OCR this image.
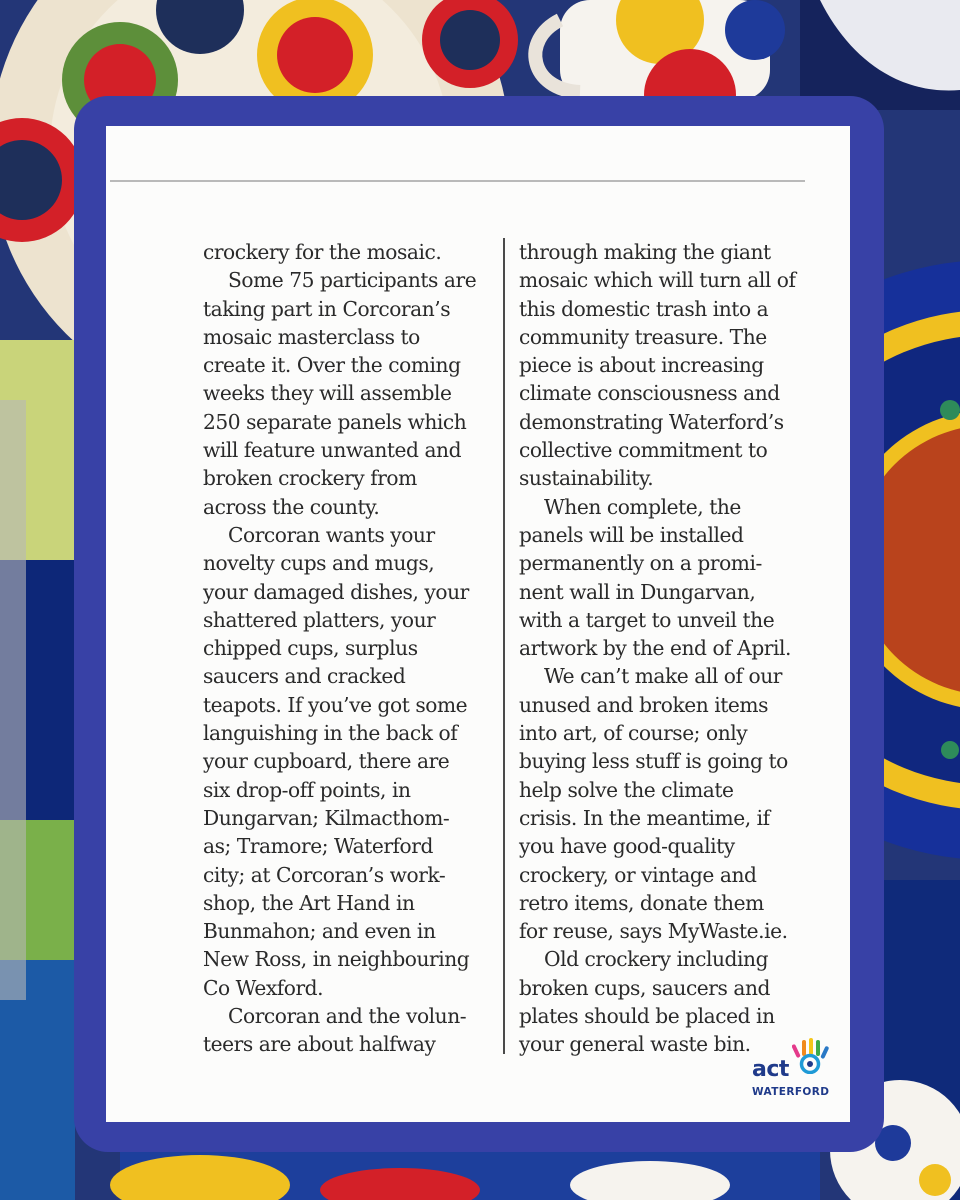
crockery for the mosaic.
Some 75 participants are
taking part in Corcoran’s
mosaic masterclass to
create it. Over the coming
weeks they will assemble
250 separate panels which
will feature unwanted and
broken crockery from
across the county.
Corcoran wants your
novelty cups and mugs,
your damaged dishes, your
shattered platters, your
chipped cups, surplus
saucers and cracked
teapots. If you’ve got some
languishing in the back of
your cupboard, there are
six drop-off points, in
Dungarvan; Kilmacthom-
as; Tramore; Waterford
city; at Corcoran’s work-
shop, the Art Hand in
Bunmahon; and even in
New Ross, in neighbouring
Co Wexford.
Corcoran and the volun-
teers are about halfway
through making the giant
mosaic which will turn all of
this domestic trash into a
community treasure. The
piece is about increasing
climate consciousness and
demonstrating Waterford’s
collective commitment to
sustainability.
When complete, the
panels will be installed
permanently on a promi-
nent wall in Dungarvan,
with a target to unveil the
artwork by the end of April.
We can’t make all of our
unused and broken items
into art, of course; only
buying less stuff is going to
help solve the climate
crisis. In the meantime, if
you have good-quality
crockery, or vintage and
retro items, donate them
for reuse, says MyWaste.ie.
Old crockery including
broken cups, saucers and
plates should be placed in
your general waste bin.
act
WATERFORD
